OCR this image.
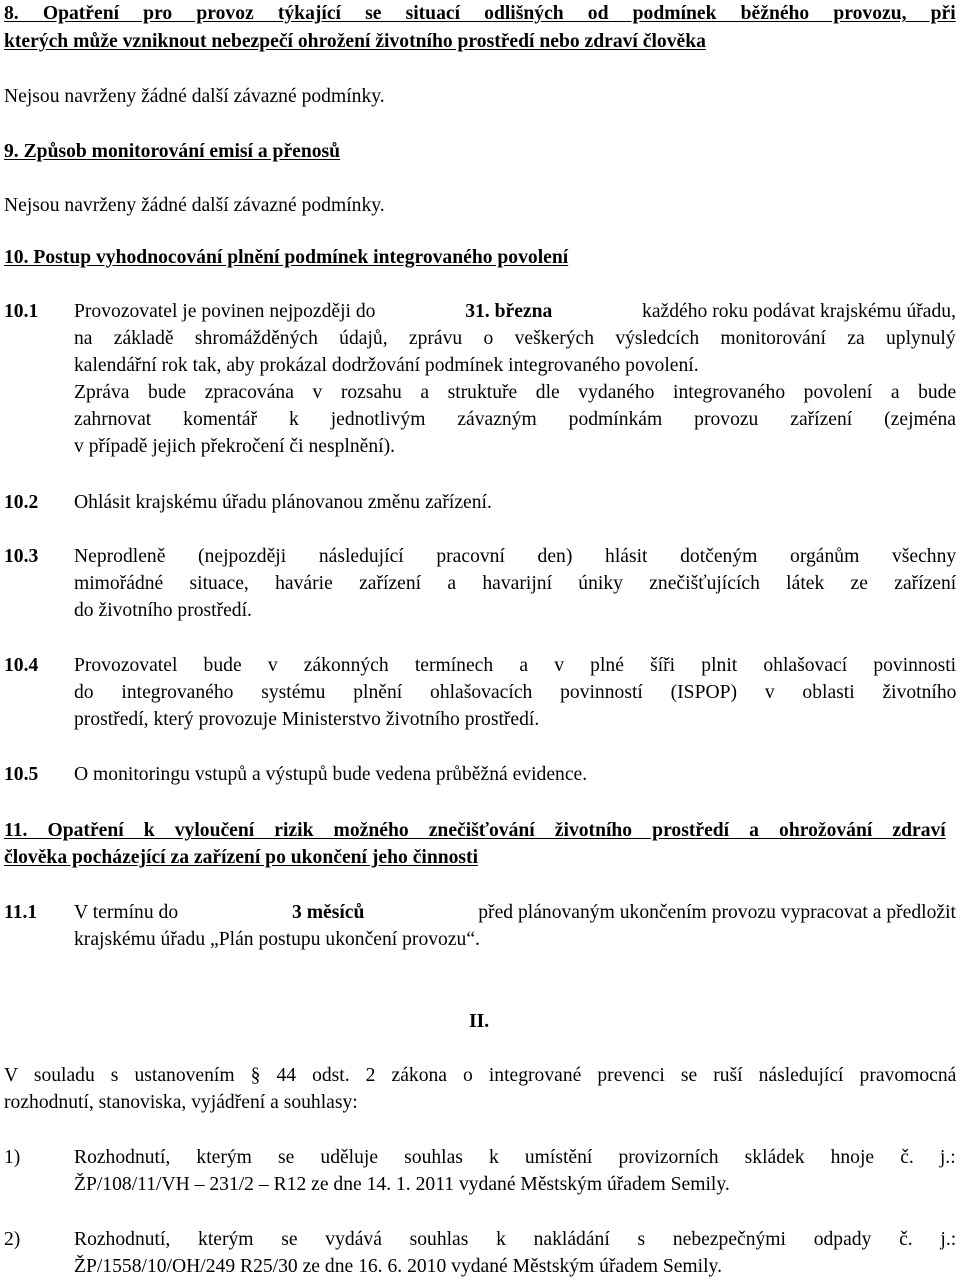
8. Opatření pro provoz týkající se situací odlišných od podmínek běžného provozu, při
kterých může vzniknout nebezpečí ohrožení životního prostředí nebo zdraví člověka
Nejsou navrženy žádné další závazné podmínky.
9. Způsob monitorování emisí a přenosů
Nejsou navrženy žádné další závazné podmínky.
10. Postup vyhodnocování plnění podmínek integrovaného povolení
10.1 Provozovatel je povinen nejpozději do	31. března	každého roku podávat krajskému úřadu,
na základě shromážděných údajů, zprávu o veškerých výsledcích monitorování za uplynulý
kalendářní rok tak, aby prokázal dodržování podmínek integrovaného povolení.
Zpráva bude zpracována v rozsahu a struktuře dle vydaného integrovaného povolení a bude
zahrnovat komentář k jednotlivým závazným podmínkám provozu zařízení (zejména
v případě jejich překročení či nesplnění).
10.2 Ohlásit krajskému úřadu plánovanou změnu zařízení.
10.3 Neprodleně (nejpozději následující pracovní den) hlásit dotčeným orgánům všechny
mimořádné situace, havárie zařízení a havarijní úniky znečišťujících látek ze zařízení
do životního prostředí.
10.4 Provozovatel bude v zákonných termínech a v plné šíři plnit ohlašovací povinnosti
do integrovaného systému plnění ohlašovacích povinností (ISPOP) v oblasti životního
prostředí, který provozuje Ministerstvo životního prostředí.
10.5 O monitoringu vstupů a výstupů bude vedena průběžná evidence.
11. Opatření k vyloučení rizik možného znečišťování životního prostředí a ohrožování zdraví
člověka pocházející za zařízení po ukončení jeho činnosti
11.1 V termínu do	3 měsíců	před plánovaným ukončením provozu vypracovat a předložit
krajskému úřadu „Plán postupu ukončení provozu“.
II.
V souladu s ustanovením § 44 odst. 2 zákona o integrované prevenci se ruší následující pravomocná
rozhodnutí, stanoviska, vyjádření a souhlasy:
1)	Rozhodnutí, kterým se uděluje souhlas k umístění provizorních skládek hnoje č. j.:
ŽP/108/11/VH – 231/2 – R12 ze dne 14. 1. 2011 vydané Městským úřadem Semily.
2)	Rozhodnutí, kterým se vydává souhlas k nakládání s nebezpečnými odpady č. j.:
ŽP/1558/10/OH/249 R25/30 ze dne 16. 6. 2010 vydané Městským úřadem Semily.
